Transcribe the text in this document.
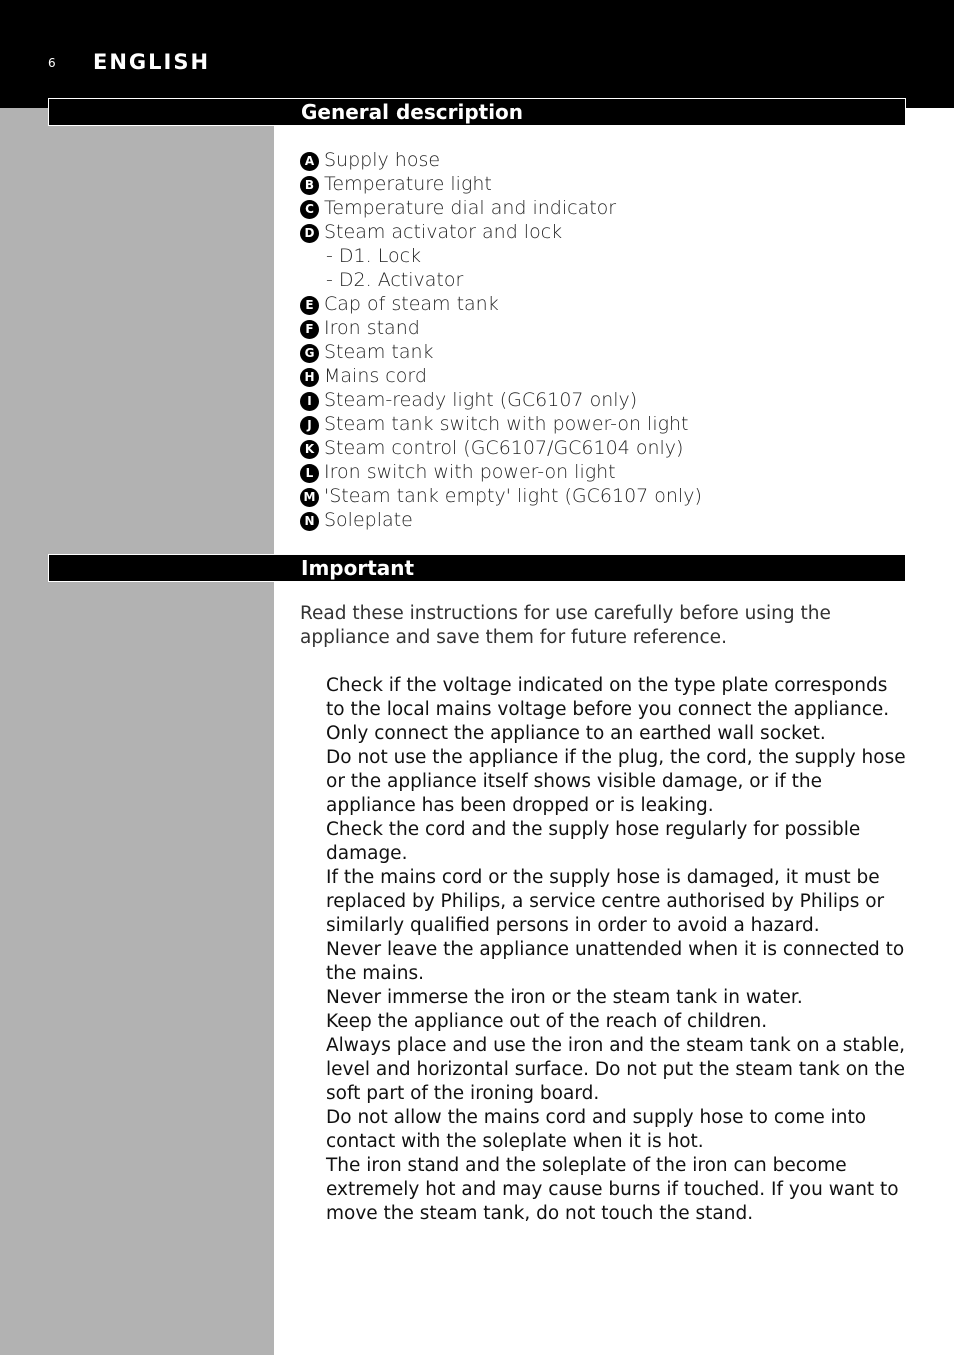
6 ENGLISH
General description
A Supply hose
B Temperature light
C Temperature dial and indicator
D Steam activator and lock
- D1. Lock
- D2. Activator
E Cap of steam tank
F Iron stand
G Steam tank
H Mains cord
I Steam-ready light (GC6107 only)
J Steam tank switch with power-on light
K Steam control (GC6107/GC6104 only)
L Iron switch with power-on light
M 'Steam tank empty' light (GC6107 only)
N Soleplate
Important

Read these instructions for use carefully before using the appliance and save them for future reference.

Check if the voltage indicated on the type plate corresponds to the local mains voltage before you connect the appliance.
Only connect the appliance to an earthed wall socket.
Do not use the appliance if the plug, the cord, the supply hose or the appliance itself shows visible damage, or if the appliance has been dropped or is leaking.
Check the cord and the supply hose regularly for possible damage.
If the mains cord or the supply hose is damaged, it must be replaced by Philips, a service centre authorised by Philips or similarly qualified persons in order to avoid a hazard.
Never leave the appliance unattended when it is connected to the mains.
Never immerse the iron or the steam tank in water.
Keep the appliance out of the reach of children.
Always place and use the iron and the steam tank on a stable, level and horizontal surface. Do not put the steam tank on the soft part of the ironing board.
Do not allow the mains cord and supply hose to come into contact with the soleplate when it is hot.
The iron stand and the soleplate of the iron can become extremely hot and may cause burns if touched. If you want to move the steam tank, do not touch the stand.
